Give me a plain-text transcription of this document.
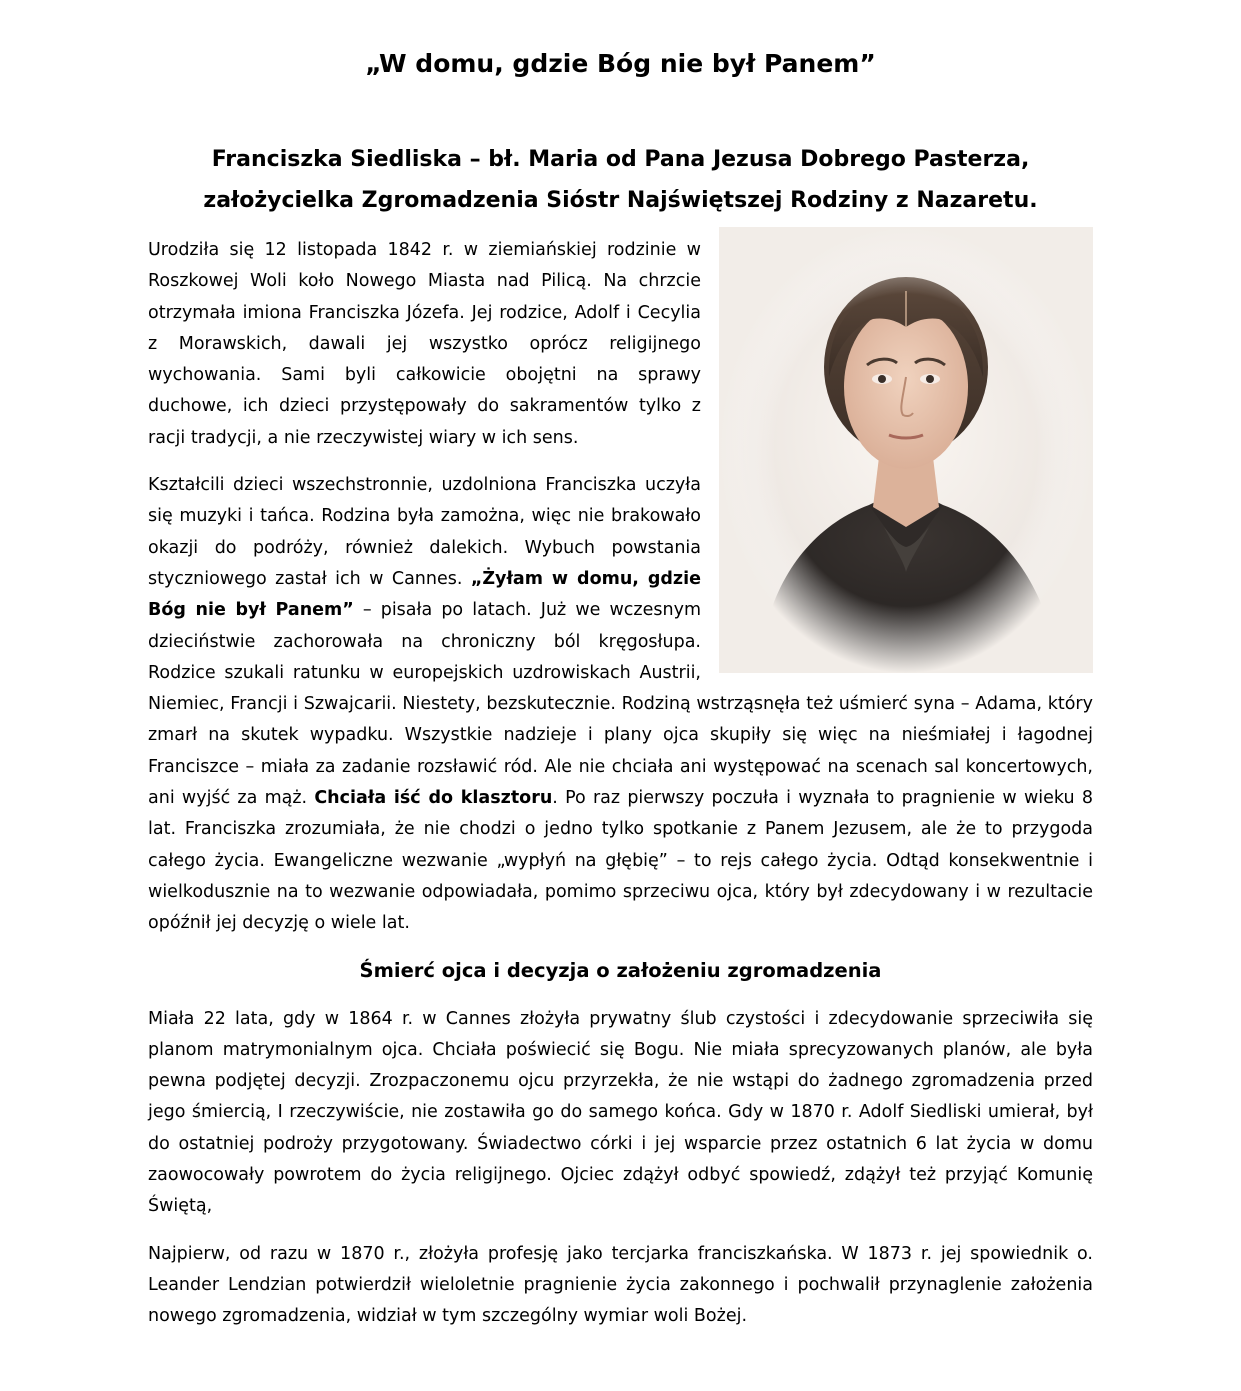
„W domu, gdzie Bóg nie był Panem”
Franciszka Siedliska – bł. Maria od Pana Jezusa Dobrego Pasterza,
założycielka Zgromadzenia Sióstr Najświętszej Rodziny z Nazaretu.

Urodziła się 12 listopada 1842 r. w ziemiańskiej rodzinie w Roszkowej Woli koło Nowego Miasta nad Pilicą. Na chrzcie otrzymała imiona Franciszka Józefa. Jej rodzice, Adolf i Cecylia z Morawskich, dawali jej wszystko oprócz religijnego wychowania. Sami byli całkowicie obojętni na sprawy duchowe, ich dzieci przystępowały do sakramentów tylko z racji tradycji, a nie rzeczywistej wiary w ich sens.

Kształcili dzieci wszechstronnie, uzdolniona Franciszka uczyła się muzyki i tańca. Rodzina była zamożna, więc nie brakowało okazji do podróży, również dalekich. Wybuch powstania styczniowego zastał ich w Cannes. „Żyłam w domu, gdzie Bóg nie był Panem” – pisała po latach. Już we wczesnym dzieciństwie zachorowała na chroniczny ból kręgosłupa. Rodzice szukali ratunku w europejskich uzdrowiskach Austrii, Niemiec, Francji i Szwajcarii. Niestety, bezskutecznie. Rodziną wstrząsnęła też uśmierć syna – Adama, który zmarł na skutek wypadku. Wszystkie nadzieje i plany ojca skupiły się więc na nieśmiałej i łagodnej Franciszce – miała za zadanie rozsławić ród. Ale nie chciała ani występować na scenach sal koncertowych, ani wyjść za mąż. Chciała iść do klasztoru. Po raz pierwszy poczuła i wyznała to pragnienie w wieku 8 lat. Franciszka zrozumiała, że nie chodzi o jedno tylko spotkanie z Panem Jezusem, ale że to przygoda całego życia. Ewangeliczne wezwanie „wypłyń na głębię” – to rejs całego życia. Odtąd konsekwentnie i wielkodusznie na to wezwanie odpowiadała, pomimo sprzeciwu ojca, który był zdecydowany i w rezultacie opóźnił jej decyzję o wiele lat.

Śmierć ojca i decyzja o założeniu zgromadzenia

Miała 22 lata, gdy w 1864 r. w Cannes złożyła prywatny ślub czystości i zdecydowanie sprzeciwiła się planom matrymonialnym ojca. Chciała poświecić się Bogu. Nie miała sprecyzowanych planów, ale była pewna podjętej decyzji. Zrozpaczonemu ojcu przyrzekła, że nie wstąpi do żadnego zgromadzenia przed jego śmiercią, I rzeczywiście, nie zostawiła go do samego końca. Gdy w 1870 r. Adolf Siedliski umierał, był do ostatniej podroży przygotowany. Świadectwo córki i jej wsparcie przez ostatnich 6 lat życia w domu zaowocowały powrotem do życia religijnego. Ojciec zdążył odbyć spowiedź, zdążył też przyjąć Komunię Świętą,

Najpierw, od razu w 1870 r., złożyła profesję jako tercjarka franciszkańska. W 1873 r. jej spowiednik o. Leander Lendzian potwierdził wieloletnie pragnienie życia zakonnego i pochwalił przynaglenie założenia nowego zgromadzenia, widział w tym szczególny wymiar woli Bożej.
